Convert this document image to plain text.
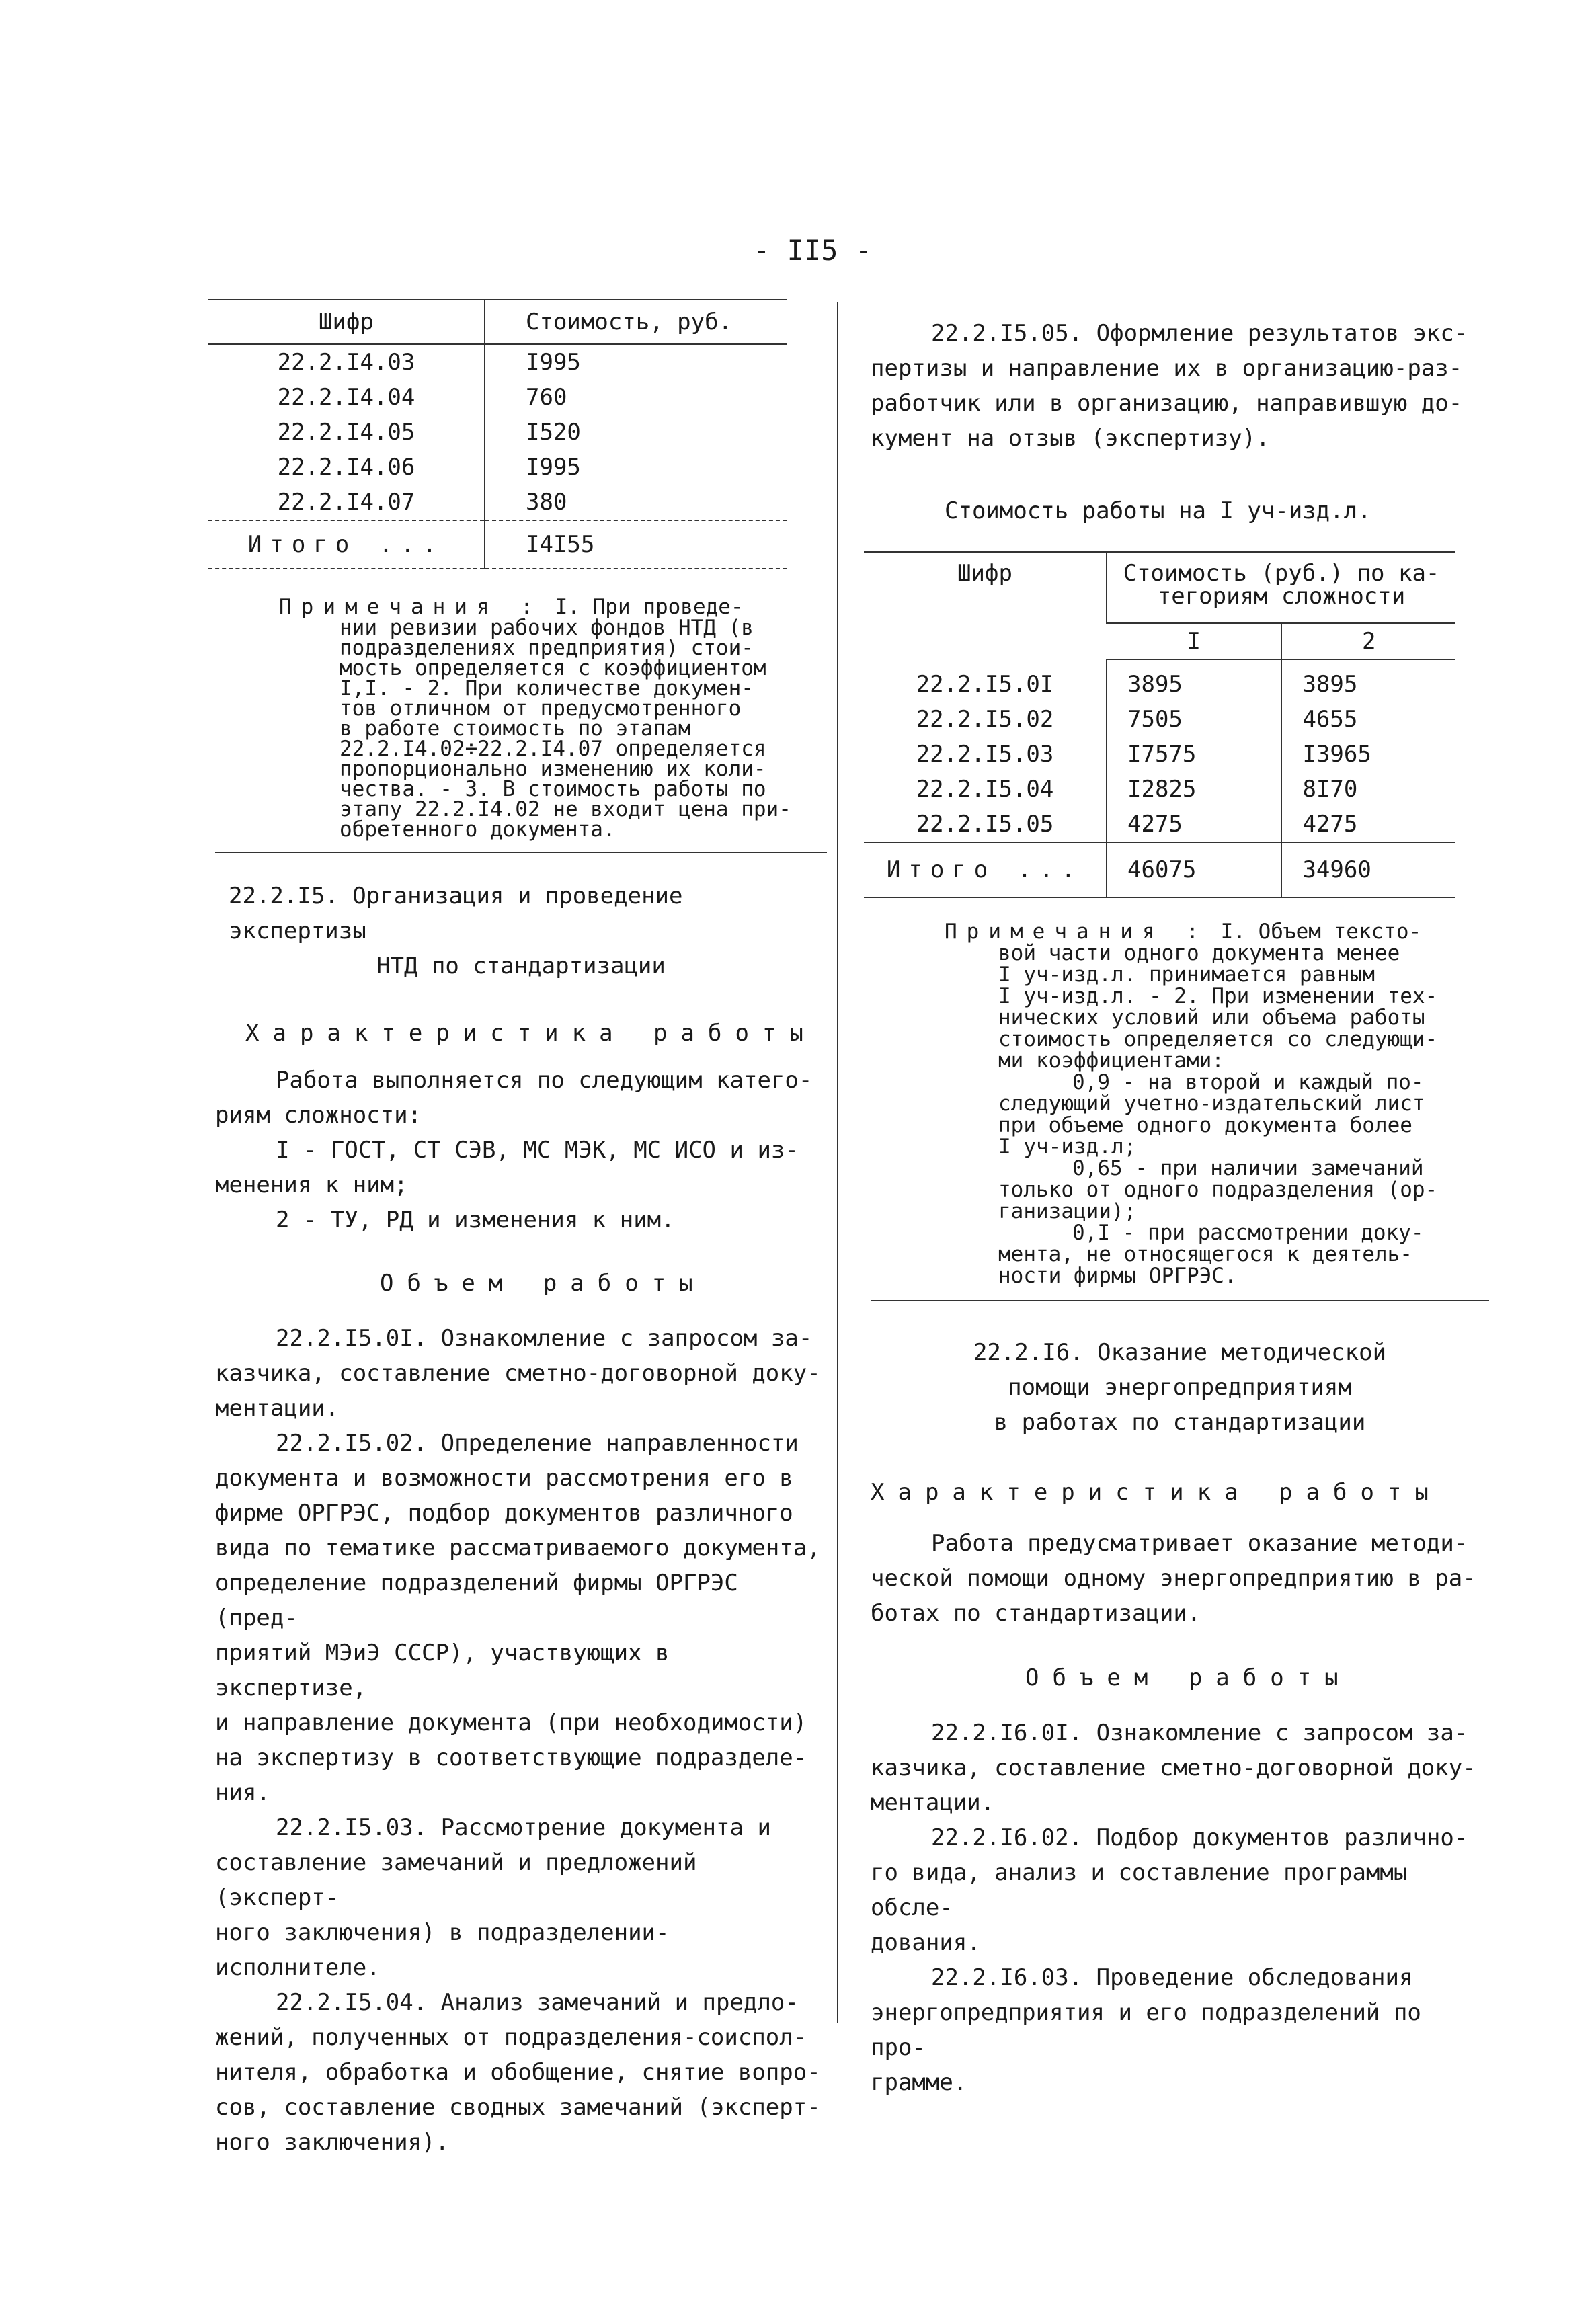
- II5 -
Шифр	Стоимость, руб.
22.2.I4.03	I995
22.2.I4.04	760
22.2.I4.05	I520
22.2.I4.06	I995
22.2.I4.07	380
Итого ...	I4I55
Примечания : I. При проведе-
нии ревизии рабочих фондов НТД (в
подразделениях предприятия) стои-
мость определяется с коэффициентом
I,I. - 2. При количестве докумен-
тов отличном от предусмотренного
в работе стоимость по этапам
22.2.I4.02÷22.2.I4.07 определяется
пропорционально изменению их коли-
чества. - 3. В стоимость работы по
этапу 22.2.I4.02 не входит цена при-
обретенного документа.

22.2.I5. Организация и проведение экспертизы

НТД по стандартизации

Характеристика работы

Работа выполняется по следующим катего-

риям сложности:

I - ГОСТ, СТ СЭВ, МС МЭК, МС ИСО и из-

менения к ним;

2 - ТУ, РД и изменения к ним.

Объем работы

22.2.I5.0I. Ознакомление с запросом за-

казчика, составление сметно-договорной доку-

ментации.

22.2.I5.02. Определение направленности

документа и возможности рассмотрения его в

фирме ОРГРЭС, подбор документов различного

вида по тематике рассматриваемого документа,

определение подразделений фирмы ОРГРЭС (пред-

приятий МЭиЭ СССР), участвующих в экспертизе,

и направление документа (при необходимости)

на экспертизу в соответствующие подразделе-

ния.

22.2.I5.03. Рассмотрение документа и

составление замечаний и предложений (эксперт-

ного заключения) в подразделении-исполнителе.

22.2.I5.04. Анализ замечаний и предло-

жений, полученных от подразделения-соиспол-

нителя, обработка и обобщение, снятие вопро-

сов, составление сводных замечаний (эксперт-

ного заключения).

22.2.I5.05. Оформление результатов экс-

пертизы и направление их в организацию-раз-

работчик или в организацию, направившую до-

кумент на отзыв (экспертизу).

Стоимость работы на I уч-изд.л.

Шифр	Стоимость (руб.) по ка-
тегориям сложности	
	I	2
22.2.I5.0I	3895	3895
22.2.I5.02	7505	4655
22.2.I5.03	I7575	I3965
22.2.I5.04	I2825	8I70
22.2.I5.05	4275	4275
Итого ...	46075	34960
Примечания : I. Объем тексто-
вой части одного документа менее
I уч-изд.л. принимается равным
I уч-изд.л. - 2. При изменении тех-
нических условий или объема работы
стоимость определяется со следующи-
ми коэффициентами:
0,9 - на второй и каждый по-
следующий учетно-издательский лист
при объеме одного документа более
I уч-изд.л;
0,65 - при наличии замечаний
только от одного подразделения (ор-
ганизации);
0,I - при рассмотрении доку-
мента, не относящегося к деятель-
ности фирмы ОРГРЭС.

22.2.I6. Оказание методической

помощи энергопредприятиям

в работах по стандартизации

Характеристика работы

Работа предусматривает оказание методи-

ческой помощи одному энергопредприятию в ра-

ботах по стандартизации.

Объем работы

22.2.I6.0I. Ознакомление с запросом за-

казчика, составление сметно-договорной доку-

ментации.

22.2.I6.02. Подбор документов различно-

го вида, анализ и составление программы обсле-

дования.

22.2.I6.03. Проведение обследования

энергопредприятия и его подразделений по про-

грамме.
